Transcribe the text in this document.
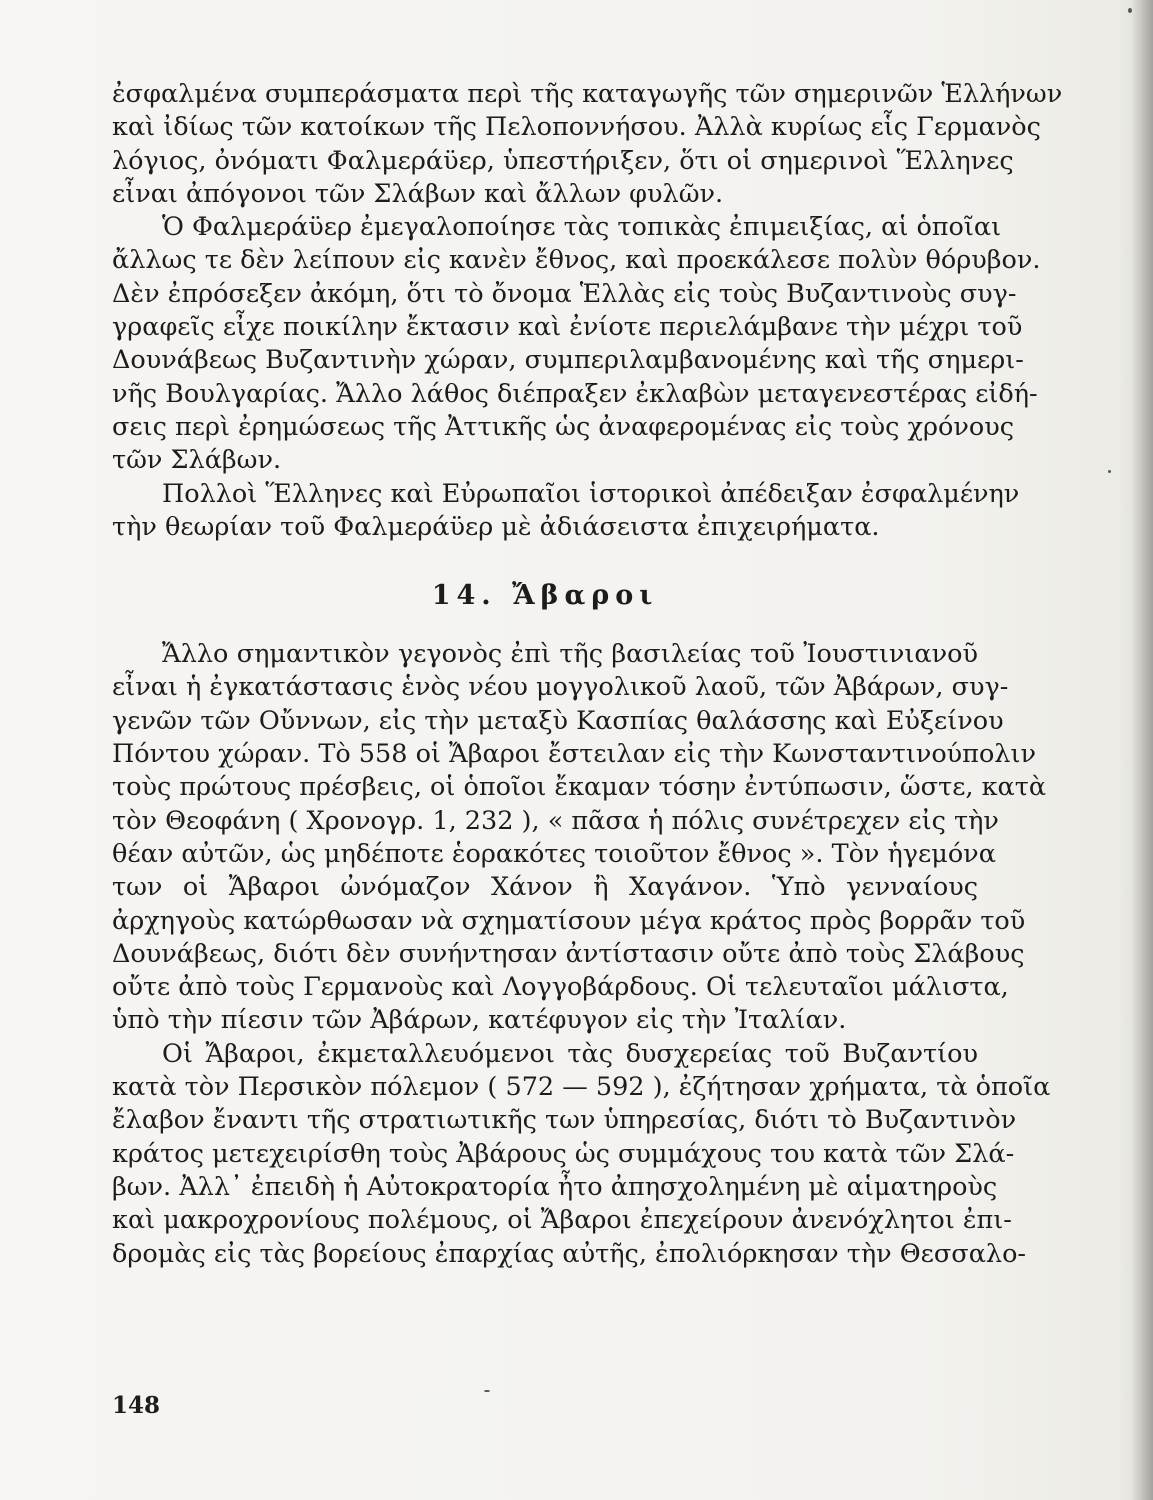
ἐσφαλμένα συμπεράσματα περὶ τῆς καταγωγῆς τῶν σημερινῶν Ἑλλήνων
καὶ ἰδίως τῶν κατοίκων τῆς Πελοποννήσου. Ἀλλὰ κυρίως εἷς Γερμανὸς
λόγιος, ὀνόματι Φαλμεράϋερ, ὑπεστήριξεν, ὅτι οἱ σημερινοὶ Ἕλληνες
εἶναι ἀπόγονοι τῶν Σλάβων καὶ ἄλλων φυλῶν.
Ὁ Φαλμεράϋερ ἐμεγαλοποίησε τὰς τοπικὰς ἐπιμειξίας, αἱ ὁποῖαι
ἄλλως τε δὲν λείπουν εἰς κανὲν ἔθνος, καὶ προεκάλεσε πολὺν θόρυβον.
Δὲν ἐπρόσεξεν ἀκόμη, ὅτι τὸ ὄνομα Ἑλλὰς εἰς τοὺς Βυζαντινοὺς συγ-
γραφεῖς εἶχε ποικίλην ἔκτασιν καὶ ἐνίοτε περιελάμβανε τὴν μέχρι τοῦ
Δουνάβεως Βυζαντινὴν χώραν, συμπεριλαμβανομένης καὶ τῆς σημερι-
νῆς Βουλγαρίας. Ἄλλο λάθος διέπραξεν ἐκλαβὼν μεταγενεστέρας εἰδή-
σεις περὶ ἐρημώσεως τῆς Ἀττικῆς ὡς ἀναφερομένας εἰς τοὺς χρόνους
τῶν Σλάβων.
Πολλοὶ Ἕλληνες καὶ Εὐρωπαῖοι ἱστορικοὶ ἀπέδειξαν ἐσφαλμένην
τὴν θεωρίαν τοῦ Φαλμεράϋερ μὲ ἀδιάσειστα ἐπιχειρήματα.
14. Ἄβαροι
Ἄλλο σημαντικὸν γεγονὸς ἐπὶ τῆς βασιλείας τοῦ Ἰουστινιανοῦ
εἶναι ἡ ἐγκατάστασις ἑνὸς νέου μογγολικοῦ λαοῦ, τῶν Ἀβάρων, συγ-
γενῶν τῶν Οὔννων, εἰς τὴν μεταξὺ Κασπίας θαλάσσης καὶ Εὐξείνου
Πόντου χώραν. Τὸ 558 οἱ Ἄβαροι ἔστειλαν εἰς τὴν Κωνσταντινούπολιν
τοὺς πρώτους πρέσβεις, οἱ ὁποῖοι ἔκαμαν τόσην ἐντύπωσιν, ὥστε, κατὰ
τὸν Θεοφάνη ( Χρονογρ. 1, 232 ), « πᾶσα ἡ πόλις συνέτρεχεν εἰς τὴν
θέαν αὐτῶν, ὡς μηδέποτε ἑορακότες τοιοῦτον ἔθνος ». Τὸν ἡγεμόνα
των οἱ Ἄβαροι ὠνόμαζον Χάνον ἢ Χαγάνον. Ὑπὸ γενναίους
ἀρχηγοὺς κατώρθωσαν νὰ σχηματίσουν μέγα κράτος πρὸς βορρᾶν τοῦ
Δουνάβεως, διότι δὲν συνήντησαν ἀντίστασιν οὔτε ἀπὸ τοὺς Σλάβους
οὔτε ἀπὸ τοὺς Γερμανοὺς καὶ Λογγοβάρδους. Οἱ τελευταῖοι μάλιστα,
ὑπὸ τὴν πίεσιν τῶν Ἀβάρων, κατέφυγον εἰς τὴν Ἰταλίαν.
Οἱ Ἄβαροι, ἐκμεταλλευόμενοι τὰς δυσχερείας τοῦ Βυζαντίου
κατὰ τὸν Περσικὸν πόλεμον ( 572 — 592 ), ἐζήτησαν χρήματα, τὰ ὁποῖα
ἔλαβον ἔναντι τῆς στρατιωτικῆς των ὑπηρεσίας, διότι τὸ Βυζαντινὸν
κράτος μετεχειρίσθη τοὺς Ἀβάρους ὡς συμμάχους του κατὰ τῶν Σλά-
βων. Ἀλλ᾽ ἐπειδὴ ἡ Αὐτοκρατορία ἦτο ἀπησχολημένη μὲ αἱματηροὺς
καὶ μακροχρονίους πολέμους, οἱ Ἄβαροι ἐπεχείρουν ἀνενόχλητοι ἐπι-
δρομὰς εἰς τὰς βορείους ἐπαρχίας αὐτῆς, ἐπολιόρκησαν τὴν Θεσσαλο-
148
